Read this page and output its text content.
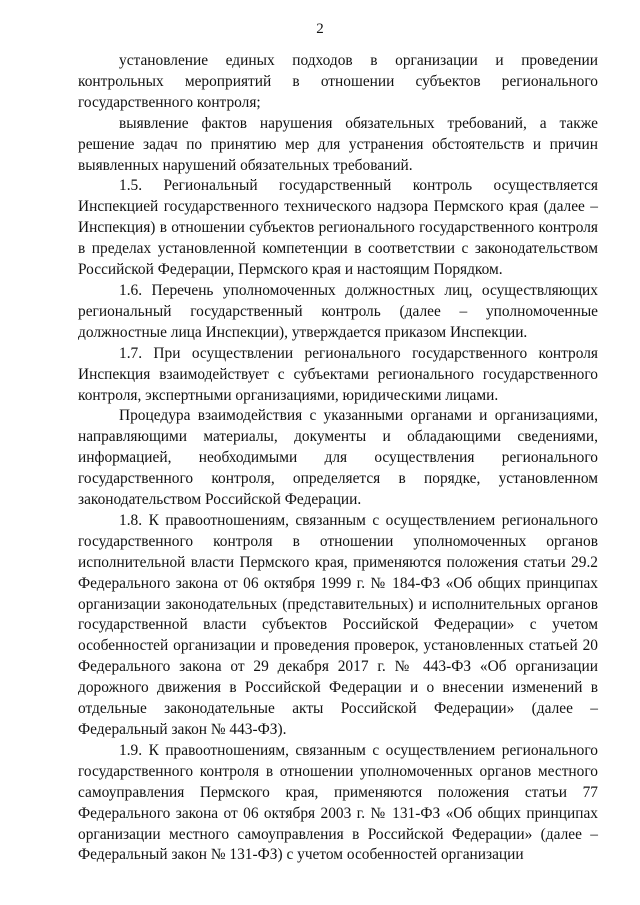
2

установление единых подходов в организации и проведении контрольных мероприятий в отношении субъектов регионального государственного контроля;

выявление фактов нарушения обязательных требований, а также решение задач по принятию мер для устранения обстоятельств и причин выявленных нарушений обязательных требований.

1.5. Региональный государственный контроль осуществляется Инспекцией государственного технического надзора Пермского края (далее – Инспекция) в отношении субъектов регионального государственного контроля в пределах установленной компетенции в соответствии с законодательством Российской Федерации, Пермского края и настоящим Порядком.

1.6. Перечень уполномоченных должностных лиц, осуществляющих региональный государственный контроль (далее – уполномоченные должностные лица Инспекции), утверждается приказом Инспекции.

1.7. При осуществлении регионального государственного контроля Инспекция взаимодействует с субъектами регионального государственного контроля, экспертными организациями, юридическими лицами.

Процедура взаимодействия с указанными органами и организациями, направляющими материалы, документы и обладающими сведениями, информацией, необходимыми для осуществления регионального государственного контроля, определяется в порядке, установленном законодательством Российской Федерации.

1.8. К правоотношениям, связанным с осуществлением регионального государственного контроля в отношении уполномоченных органов исполнительной власти Пермского края, применяются положения статьи 29.2 Федерального закона от 06 октября 1999 г. № 184-ФЗ «Об общих принципах организации законодательных (представительных) и исполнительных органов государственной власти субъектов Российской Федерации» с учетом особенностей организации и проведения проверок, установленных статьей 20 Федерального закона от 29 декабря 2017 г. № 443-ФЗ «Об организации дорожного движения в Российской Федерации и о внесении изменений в отдельные законодательные акты Российской Федерации» (далее – Федеральный закон № 443-ФЗ).

1.9. К правоотношениям, связанным с осуществлением регионального государственного контроля в отношении уполномоченных органов местного самоуправления Пермского края, применяются положения статьи 77 Федерального закона от 06 октября 2003 г. № 131-ФЗ «Об общих принципах организации местного самоуправления в Российской Федерации» (далее – Федеральный закон № 131-ФЗ) с учетом особенностей организации
